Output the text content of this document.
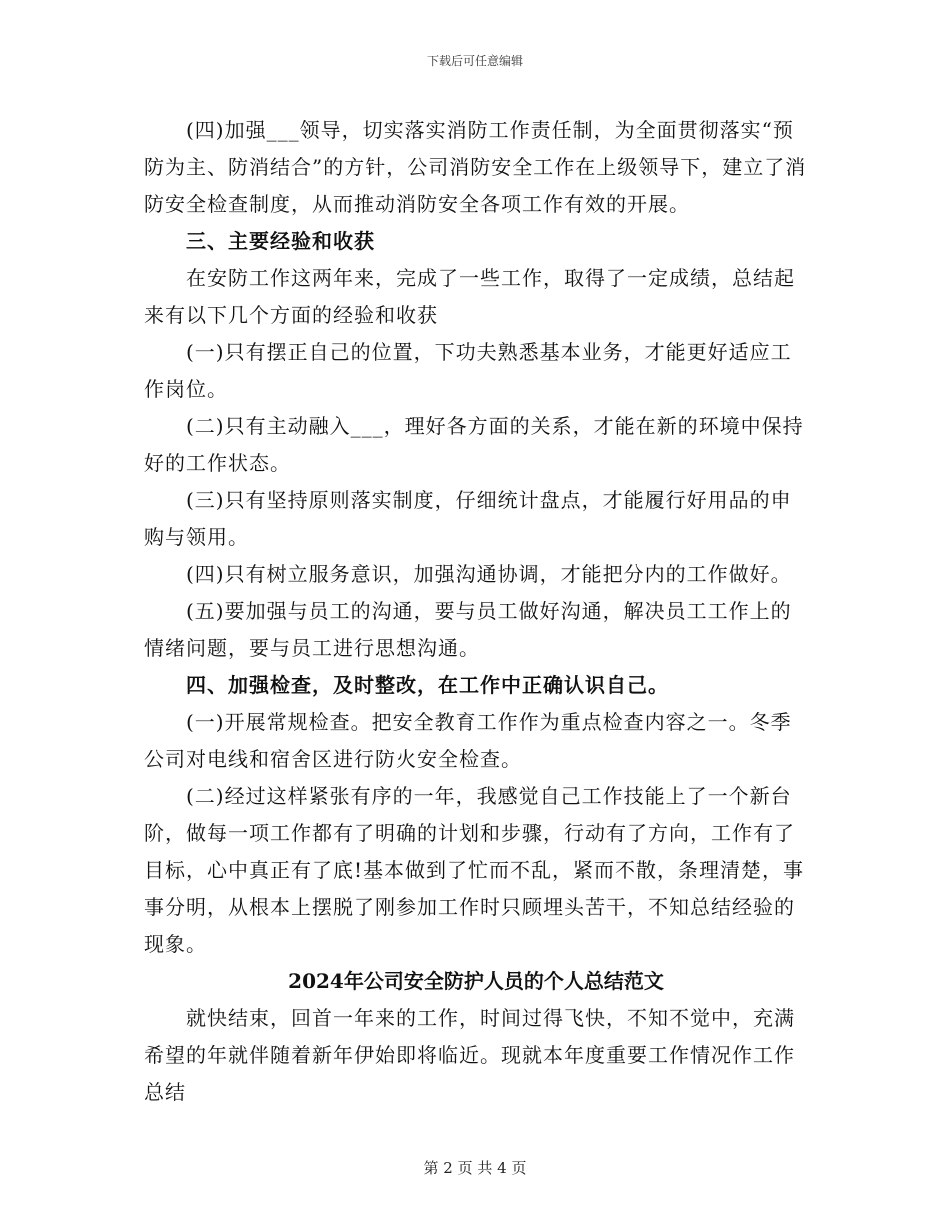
下载后可任意编辑

(四)加强___领导，切实落实消防工作责任制，为全面贯彻落实“预防为主、防消结合”的方针，公司消防安全工作在上级领导下，建立了消防安全检查制度，从而推动消防安全各项工作有效的开展。

三、主要经验和收获

在安防工作这两年来，完成了一些工作，取得了一定成绩，总结起来有以下几个方面的经验和收获

(一)只有摆正自己的位置，下功夫熟悉基本业务，才能更好适应工作岗位。

(二)只有主动融入___，理好各方面的关系，才能在新的环境中保持好的工作状态。

(三)只有坚持原则落实制度，仔细统计盘点，才能履行好用品的申购与领用。

(四)只有树立服务意识，加强沟通协调，才能把分内的工作做好。

(五)要加强与员工的沟通，要与员工做好沟通，解决员工工作上的情绪问题，要与员工进行思想沟通。

四、加强检查，及时整改，在工作中正确认识自己。

(一)开展常规检查。把安全教育工作作为重点检查内容之一。冬季公司对电线和宿舍区进行防火安全检查。

(二)经过这样紧张有序的一年，我感觉自己工作技能上了一个新台阶，做每一项工作都有了明确的计划和步骤，行动有了方向，工作有了目标，心中真正有了底!基本做到了忙而不乱，紧而不散，条理清楚，事事分明，从根本上摆脱了刚参加工作时只顾埋头苦干，不知总结经验的现象。

2024年公司安全防护人员的个人总结范文

就快结束，回首一年来的工作，时间过得飞快，不知不觉中，充满希望的年就伴随着新年伊始即将临近。现就本年度重要工作情况作工作总结

第 2 页 共 4 页
